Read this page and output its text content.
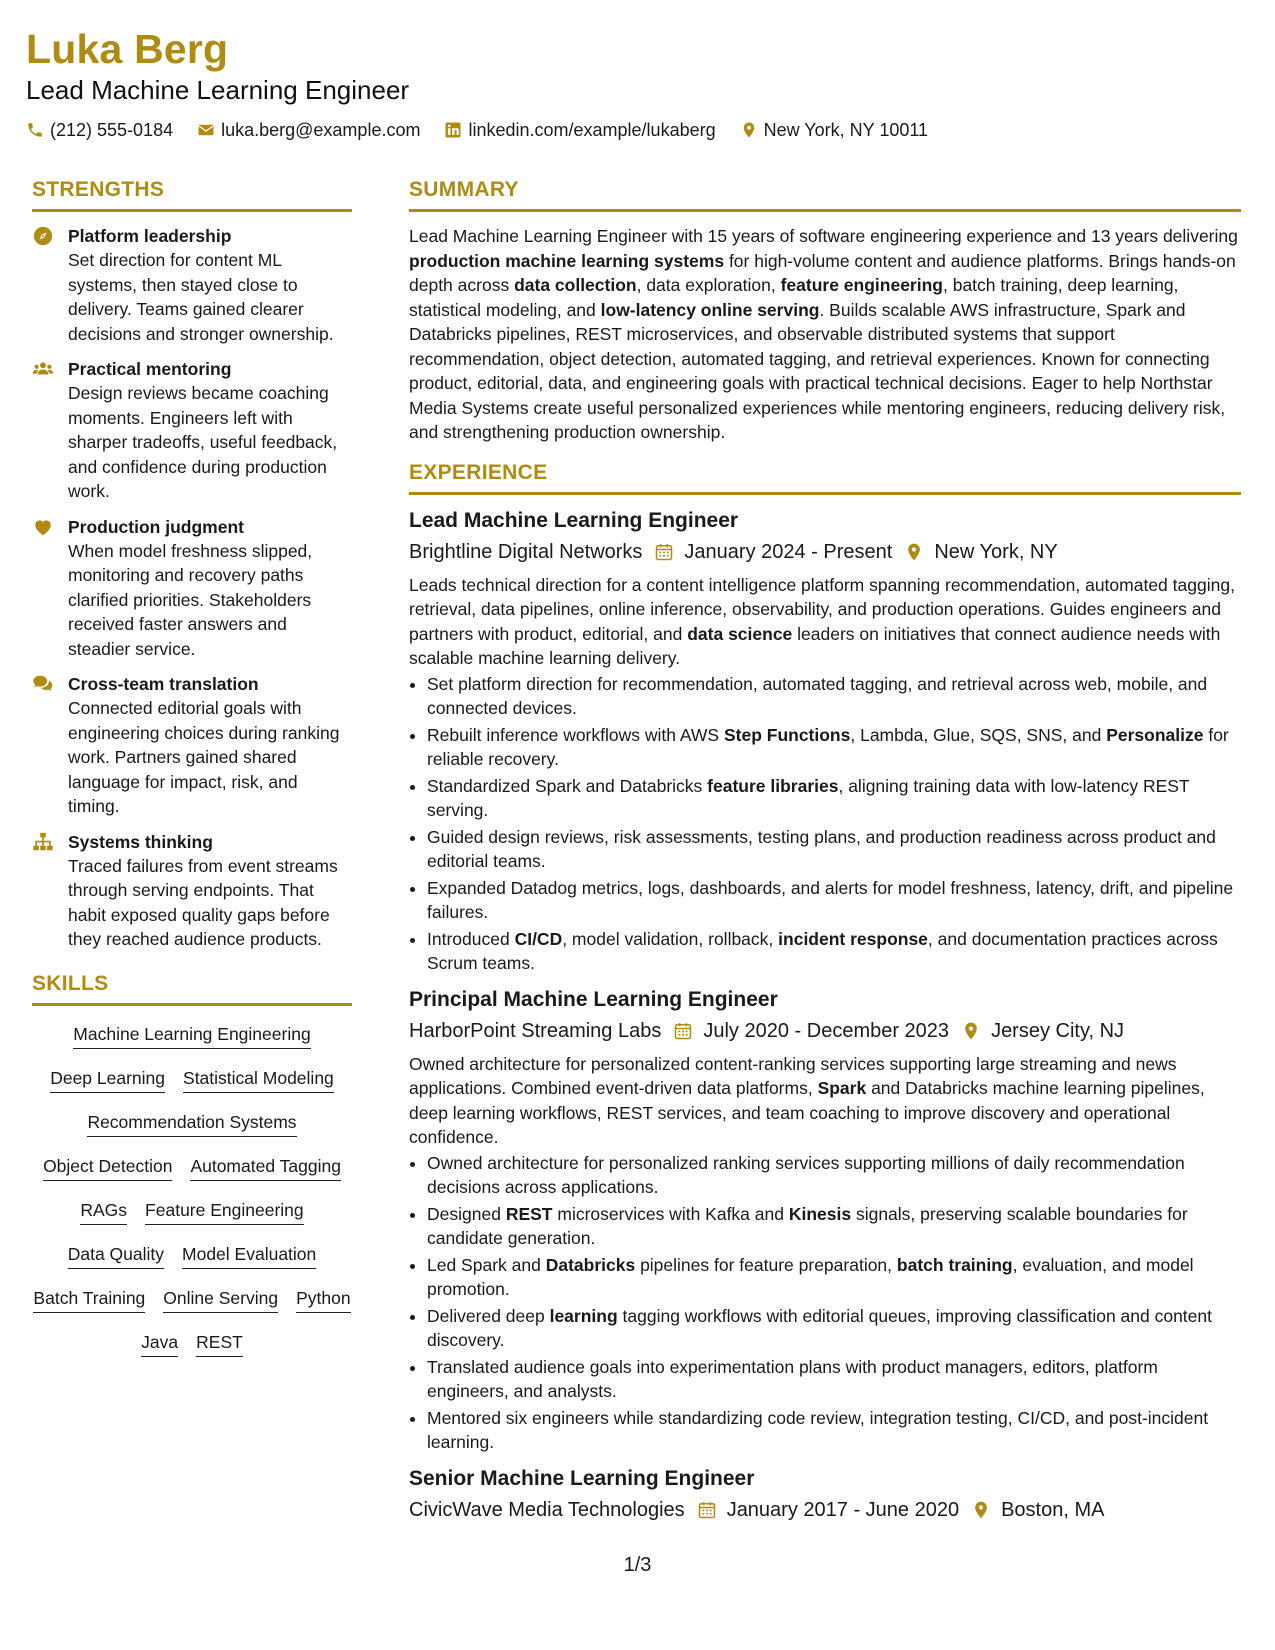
Luka Berg
Lead Machine Learning Engineer
(212) 555-0184	luka.berg@example.com	linkedin.com/example/lukaberg	New York, NY 10011
STRENGTHS
Platform leadership
Set direction for content ML systems, then stayed close to delivery. Teams gained clearer decisions and stronger ownership.
Practical mentoring
Design reviews became coaching moments. Engineers left with sharper tradeoffs, useful feedback, and confidence during production work.
Production judgment
When model freshness slipped, monitoring and recovery paths clarified priorities. Stakeholders received faster answers and steadier service.
Cross-team translation
Connected editorial goals with engineering choices during ranking work. Partners gained shared language for impact, risk, and timing.
Systems thinking
Traced failures from event streams through serving endpoints. That habit exposed quality gaps before they reached audience products.
SKILLS
Machine Learning Engineering
Deep Learning Statistical Modeling
Recommendation Systems
Object Detection Automated Tagging
RAGs Feature Engineering
Data Quality Model Evaluation
Batch Training Online Serving Python
Java REST
SUMMARY

Lead Machine Learning Engineer with 15 years of software engineering experience and 13 years delivering production machine learning systems for high-volume content and audience platforms. Brings hands-on depth across data collection, data exploration, feature engineering, batch training, deep learning, statistical modeling, and low-latency online serving. Builds scalable AWS infrastructure, Spark and Databricks pipelines, REST microservices, and observable distributed systems that support recommendation, object detection, automated tagging, and retrieval experiences. Known for connecting product, editorial, data, and engineering goals with practical technical decisions. Eager to help Northstar Media Systems create useful personalized experiences while mentoring engineers, reducing delivery risk, and strengthening production ownership.

EXPERIENCE
Lead Machine Learning Engineer
Brightline Digital Networks January 2024 - Present New York, NY

Leads technical direction for a content intelligence platform spanning recommendation, automated tagging, retrieval, data pipelines, online inference, observability, and production operations. Guides engineers and partners with product, editorial, and data science leaders on initiatives that connect audience needs with scalable machine learning delivery.

• Set platform direction for recommendation, automated tagging, and retrieval across web, mobile, and connected devices.
• Rebuilt inference workflows with AWS Step Functions, Lambda, Glue, SQS, SNS, and Personalize for reliable recovery.
• Standardized Spark and Databricks feature libraries, aligning training data with low-latency REST serving.
• Guided design reviews, risk assessments, testing plans, and production readiness across product and editorial teams.
• Expanded Datadog metrics, logs, dashboards, and alerts for model freshness, latency, drift, and pipeline failures.
• Introduced CI/CD, model validation, rollback, incident response, and documentation practices across Scrum teams.
Principal Machine Learning Engineer
HarborPoint Streaming Labs July 2020 - December 2023 Jersey City, NJ

Owned architecture for personalized content-ranking services supporting large streaming and news applications. Combined event-driven data platforms, Spark and Databricks machine learning pipelines, deep learning workflows, REST services, and team coaching to improve discovery and operational confidence.

• Owned architecture for personalized ranking services supporting millions of daily recommendation decisions across applications.
• Designed REST microservices with Kafka and Kinesis signals, preserving scalable boundaries for candidate generation.
• Led Spark and Databricks pipelines for feature preparation, batch training, evaluation, and model promotion.
• Delivered deep learning tagging workflows with editorial queues, improving classification and content discovery.
• Translated audience goals into experimentation plans with product managers, editors, platform engineers, and analysts.
• Mentored six engineers while standardizing code review, integration testing, CI/CD, and post-incident learning.
Senior Machine Learning Engineer
CivicWave Media Technologies January 2017 - June 2020 Boston, MA
1/3
